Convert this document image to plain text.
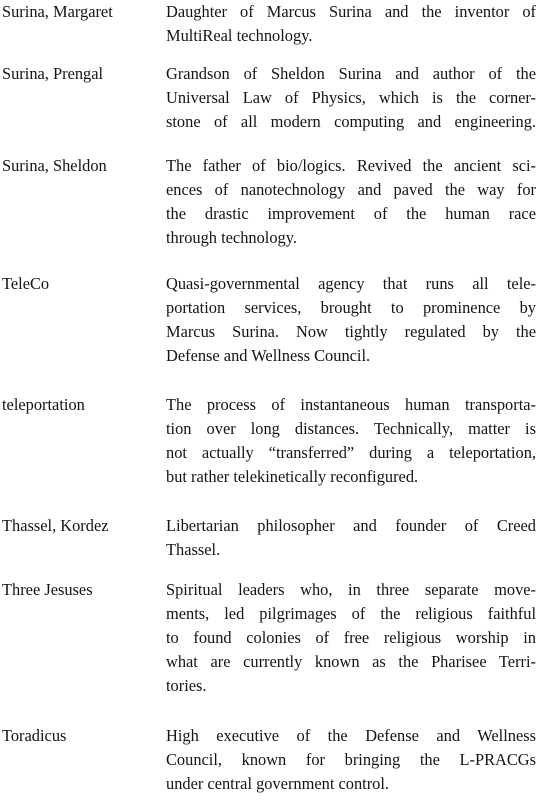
Surina, Margaret	Daughter of Marcus Surina and the inventor of
MultiReal technology.
Surina, Prengal	Grandson of Sheldon Surina and author of the
Universal Law of Physics, which is the corner-
stone of all modern computing and engineering.
Surina, Sheldon	The father of bio/logics. Revived the ancient sci-
ences of nanotechnology and paved the way for
the drastic improvement of the human race
through technology.
TeleCo	Quasi-governmental agency that runs all tele-
portation services, brought to prominence by
Marcus Surina. Now tightly regulated by the
Defense and Wellness Council.
teleportation	The process of instantaneous human transporta-
tion over long distances. Technically, matter is
not actually “transferred” during a teleportation,
but rather telekinetically reconfigured.
Thassel, Kordez	Libertarian philosopher and founder of Creed
Thassel.
Three Jesuses	Spiritual leaders who, in three separate move-
ments, led pilgrimages of the religious faithful
to found colonies of free religious worship in
what are currently known as the Pharisee Terri-
tories.
Toradicus	High executive of the Defense and Wellness
Council, known for bringing the L-PRACGs
under central government control.
